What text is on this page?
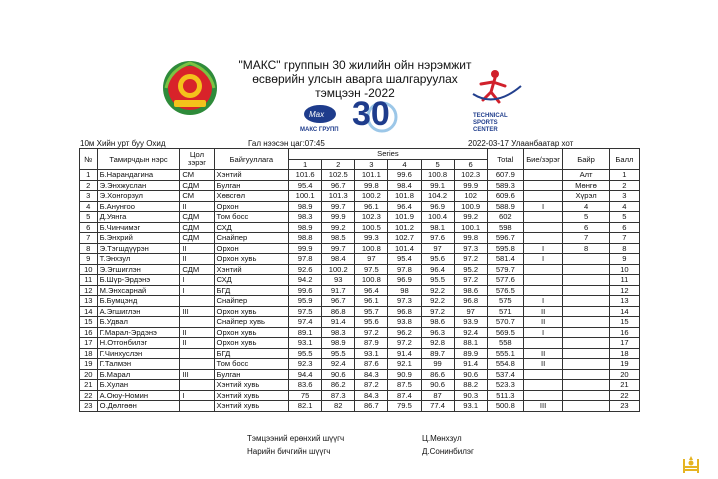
"МАКС" группын 30 жилийн ойн нэрэмжит
өсвөрийн улсын аварга шалгаруулах
тэмцээн -2022
Max 30
МАКС ГРУПП
TECHNICAL
SPORTS
CENTER
10м Хийн урт буу Охид	Гал нээсэн цаг:07:45	2022-03-17 Улаанбаатар хот
№	Тамирчдын нэрс	Цол зэрэг	Байгууллага	Series						Total	Бие/зэрэг	Байр	Балл
				1	2	3	4	5	6				
1	Б.Нарандагина	СМ	Хэнтий	101.6	102.5	101.1	99.6	100.8	102.3	607.9		Алт	1
2	Э.Энхжуслан	СДМ	Булган	95.4	96.7	99.8	98.4	99.1	99.9	589.3		Мөнгө	2
3	Э.Хонгорзул	СМ	Хөвсгөл	100.1	101.3	100.2	101.8	104.2	102	609.6		Хүрэл	3
4	Б.Анунгоо	II	Орхон	98.9	99.7	96.1	96.4	96.9	100.9	588.9	I	4	4
5	Д.Уянга	СДМ	Том босс	98.3	99.9	102.3	101.9	100.4	99.2	602		5	5
6	Б.Чинчимэг	СДМ	СХД	98.9	99.2	100.5	101.2	98.1	100.1	598		6	6
7	Б.Энхрий	СДМ	Снайпер	98.8	98.5	99.3	102.7	97.6	99.8	596.7		7	7
8	Э.Тэгшдүүрэн	II	Орхон	99.9	99.7	100.8	101.4	97	97.3	595.8	I	8	8
9	Т.Энхзул	II	Орхон хувь	97.8	98.4	97	95.4	95.6	97.2	581.4	I		9
10	Э.Эгшиглэн	СДМ	Хэнтий	92.6	100.2	97.5	97.8	96.4	95.2	579.7			10
11	Б.Шүр-Эрдэнэ	I	СХД	94.2	93	100.8	96.9	95.5	97.2	577.6			11
12	М.Энхсарнай	I	БГД	99.6	91.7	96.4	98	92.2	98.6	576.5			12
13	Б.Бумцэнд		Снайпер	95.9	96.7	96.1	97.3	92.2	96.8	575	I		13
14	А.Эгшиглэн	III	Орхон хувь	97.5	86.8	95.7	96.8	97.2	97	571	II		14
15	Б.Удвал		Снайпер хувь	97.4	91.4	95.6	93.8	98.6	93.9	570.7	II		15
16	Г.Марал-Эрдэнэ	II	Орхон хувь	89.1	98.3	97.2	96.2	96.3	92.4	569.5	I		16
17	Н.Отгонбилэг	II	Орхон хувь	93.1	98.9	87.9	97.2	92.8	88.1	558			17
18	Г.Чинхуслэн		БГД	95.5	95.5	93.1	91.4	89.7	89.9	555.1	II		18
19	Г.Талмэн		Том босс	92.3	92.4	87.6	92.1	99	91.4	554.8	II		19
20	Б.Марал	III	Булган	94.4	90.6	84.3	90.9	86.6	90.6	537.4			20
21	Б.Хулан		Хэнтий хувь	83.6	86.2	87.2	87.5	90.6	88.2	523.3			21
22	А.Оюу-Номин	I	Хэнтий хувь	75	87.3	84.3	87.4	87	90.3	511.3			22
23	О.Дөлгөөн		Хэнтий хувь	82.1	82	86.7	79.5	77.4	93.1	500.8	III		23
Тэмцээний ерөнхий шүүгч	Ц.Мөнхзул
Нарийн бичгийн шүүгч	Д.Сонинбилэг
